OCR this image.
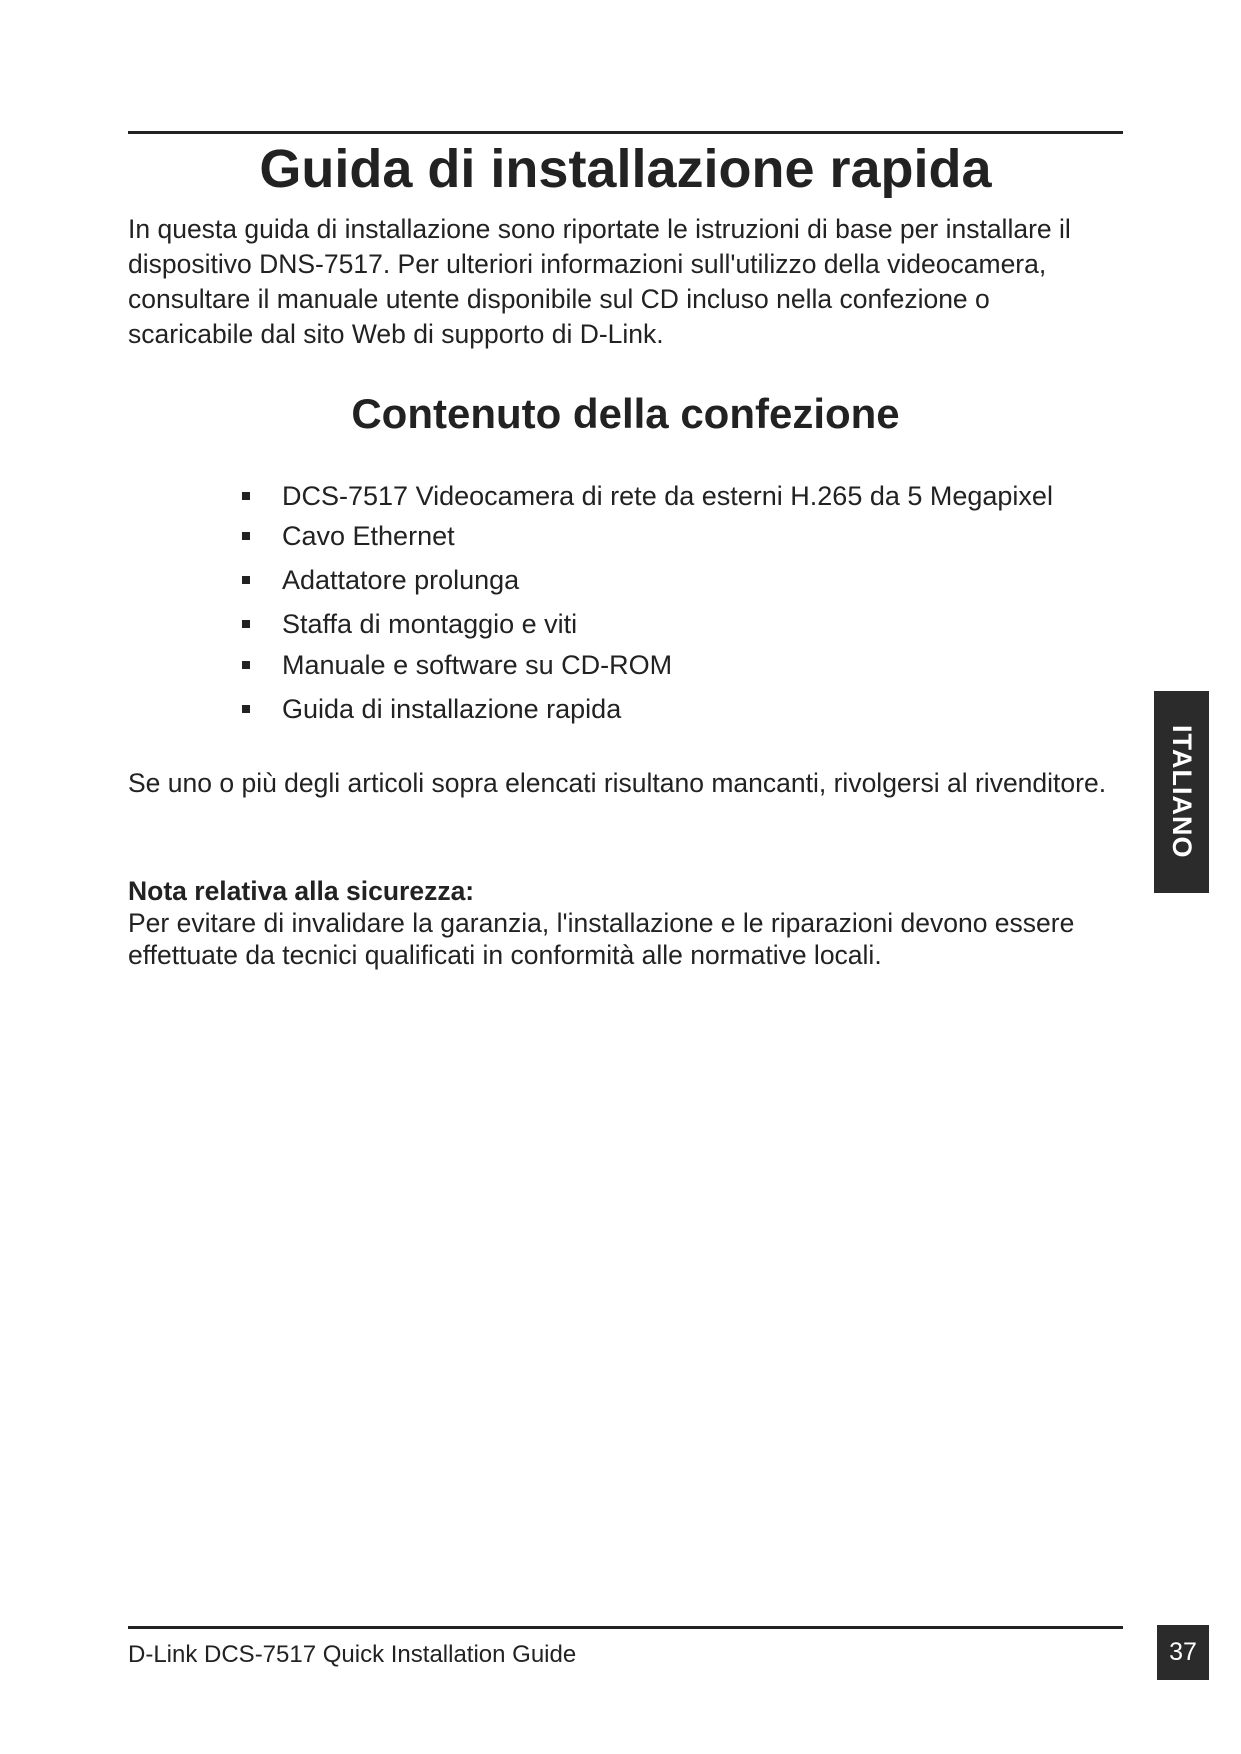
Guida di installazione rapida

In questa guida di installazione sono riportate le istruzioni di base per installare il dispositivo DNS-7517. Per ulteriori informazioni sull'utilizzo della videocamera, consultare il manuale utente disponibile sul CD incluso nella confezione o scaricabile dal sito Web di supporto di D-Link.

Contenuto della confezione
DCS-7517 Videocamera di rete da esterni H.265 da 5 Megapixel
Cavo Ethernet
Adattatore prolunga
Staffa di montaggio e viti
Manuale e software su CD-ROM
Guida di installazione rapida

Se uno o più degli articoli sopra elencati risultano mancanti, rivolgersi al rivenditore.

Nota relativa alla sicurezza:

Per evitare di invalidare la garanzia, l'installazione e le riparazioni devono essere effettuate da tecnici qualificati in conformità alle normative locali.

ITALIANO

D-Link DCS-7517 Quick Installation Guide	37
